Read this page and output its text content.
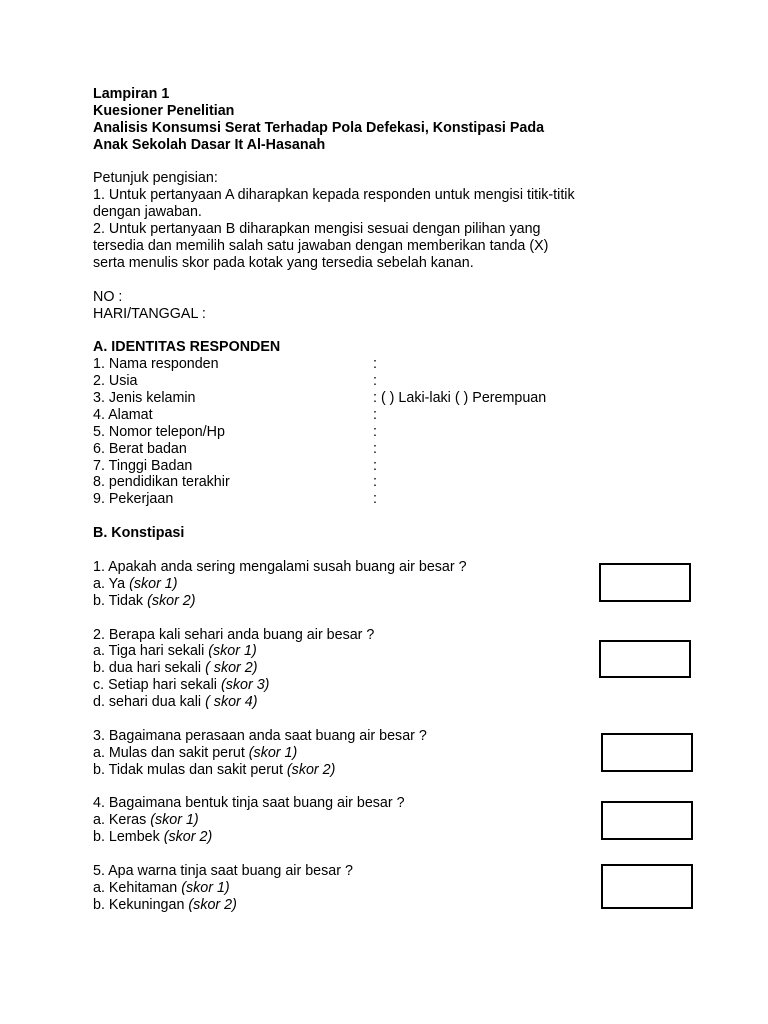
Lampiran 1
Kuesioner Penelitian
Analisis Konsumsi Serat Terhadap Pola Defekasi, Konstipasi Pada
Anak Sekolah Dasar It Al-Hasanah
Petunjuk pengisian:
1. Untuk pertanyaan A diharapkan kepada responden untuk mengisi titik-titik
dengan jawaban.
2. Untuk pertanyaan B diharapkan mengisi sesuai dengan pilihan yang
tersedia dan memilih salah satu jawaban dengan memberikan tanda (X)
serta menulis skor pada kotak yang tersedia sebelah kanan.
NO :
HARI/TANGGAL :
A. IDENTITAS RESPONDEN
1. Nama responden	:
2. Usia	:
3. Jenis kelamin	: ( ) Laki-laki ( ) Perempuan
4. Alamat	:
5. Nomor telepon/Hp	:
6. Berat badan	:
7. Tinggi Badan	:
8. pendidikan terakhir	:
9. Pekerjaan	:
B. Konstipasi
1. Apakah anda sering mengalami susah buang air besar ?
a. Ya (skor 1)
b. Tidak (skor 2)
2. Berapa kali sehari anda buang air besar ?
a. Tiga hari sekali (skor 1)
b. dua hari sekali ( skor 2)
c. Setiap hari sekali (skor 3)
d. sehari dua kali ( skor 4)
3. Bagaimana perasaan anda saat buang air besar ?
a. Mulas dan sakit perut (skor 1)
b. Tidak mulas dan sakit perut (skor 2)
4. Bagaimana bentuk tinja saat buang air besar ?
a. Keras (skor 1)
b. Lembek (skor 2)
5. Apa warna tinja saat buang air besar ?
a. Kehitaman (skor 1)
b. Kekuningan (skor 2)
